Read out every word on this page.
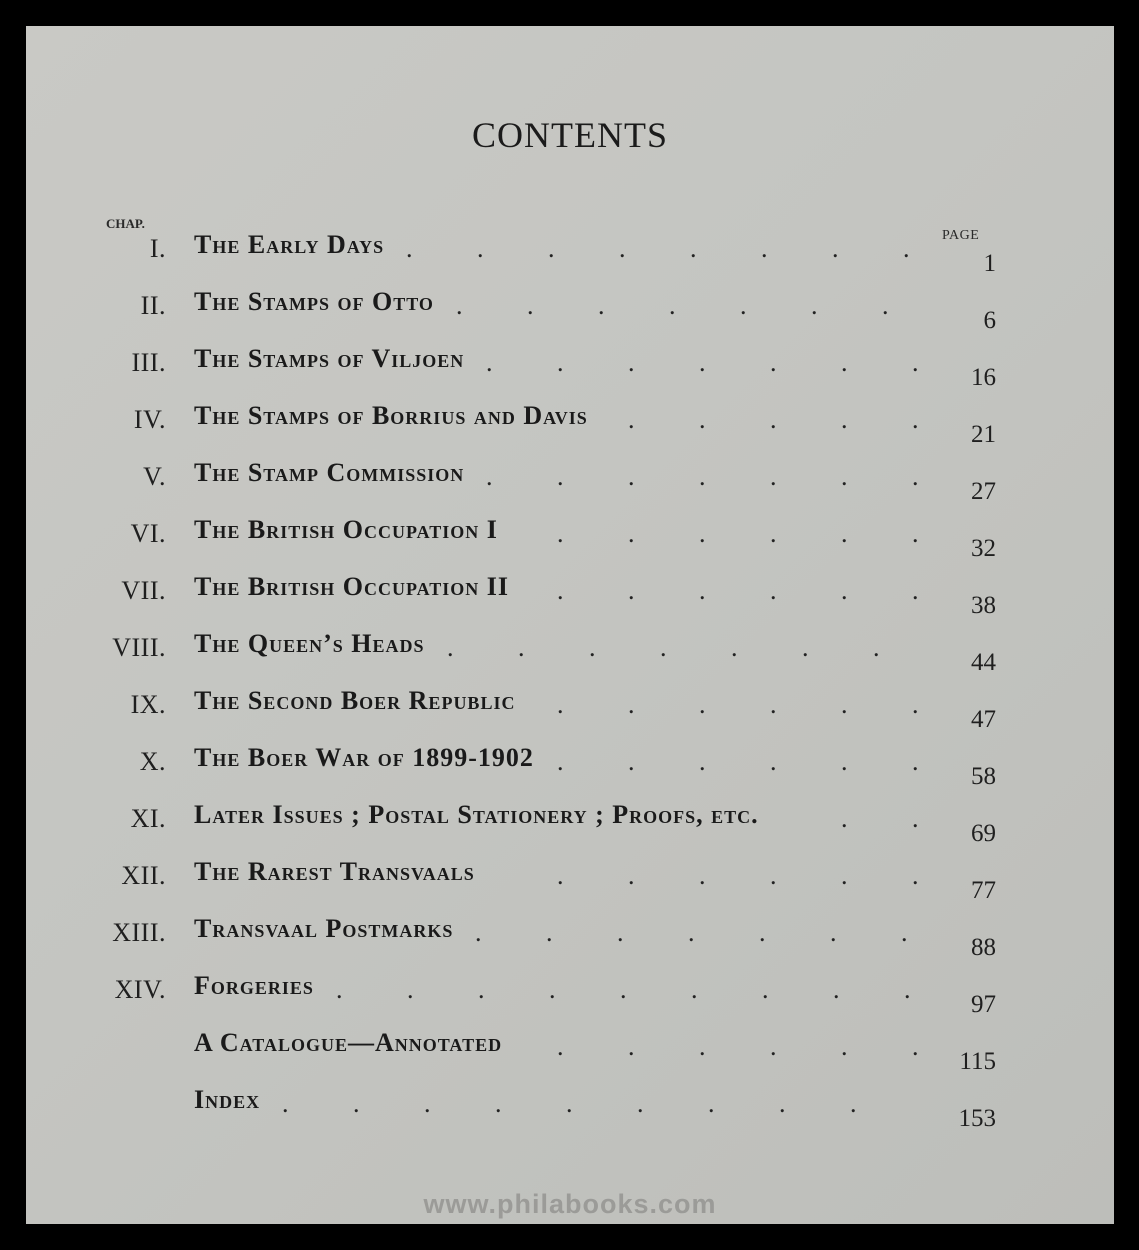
CONTENTS
CHAP.
PAGE
I. The Early Days . . . . . . . .
1
II. The Stamps of Otto . . . . . . .
6
III. The Stamps of Viljoen . . . . . . .
16
IV. The Stamps of Borrius and Davis . . . . .
21
V. The Stamp Commission . . . . . . .
27
VI. The British Occupation I . . . . . .
32
VII. The British Occupation II . . . . . .
38
VIII. The Queen’s Heads . . . . . . .
44
IX. The Second Boer Republic . . . . . .
47
X. The Boer War of 1899-1902 . . . . . .
58
XI. Later Issues ; Postal Stationery ; Proofs, etc.	. .
69
XII. The Rarest Transvaals	. . . . . .
77
XIII. Transvaal Postmarks . . . . . . .
88
XIV. Forgeries . . . . . . . . .
97
A Catalogue—Annotated . . . . . .
115
Index . . . . . . . . .
153
www.philabooks.com
